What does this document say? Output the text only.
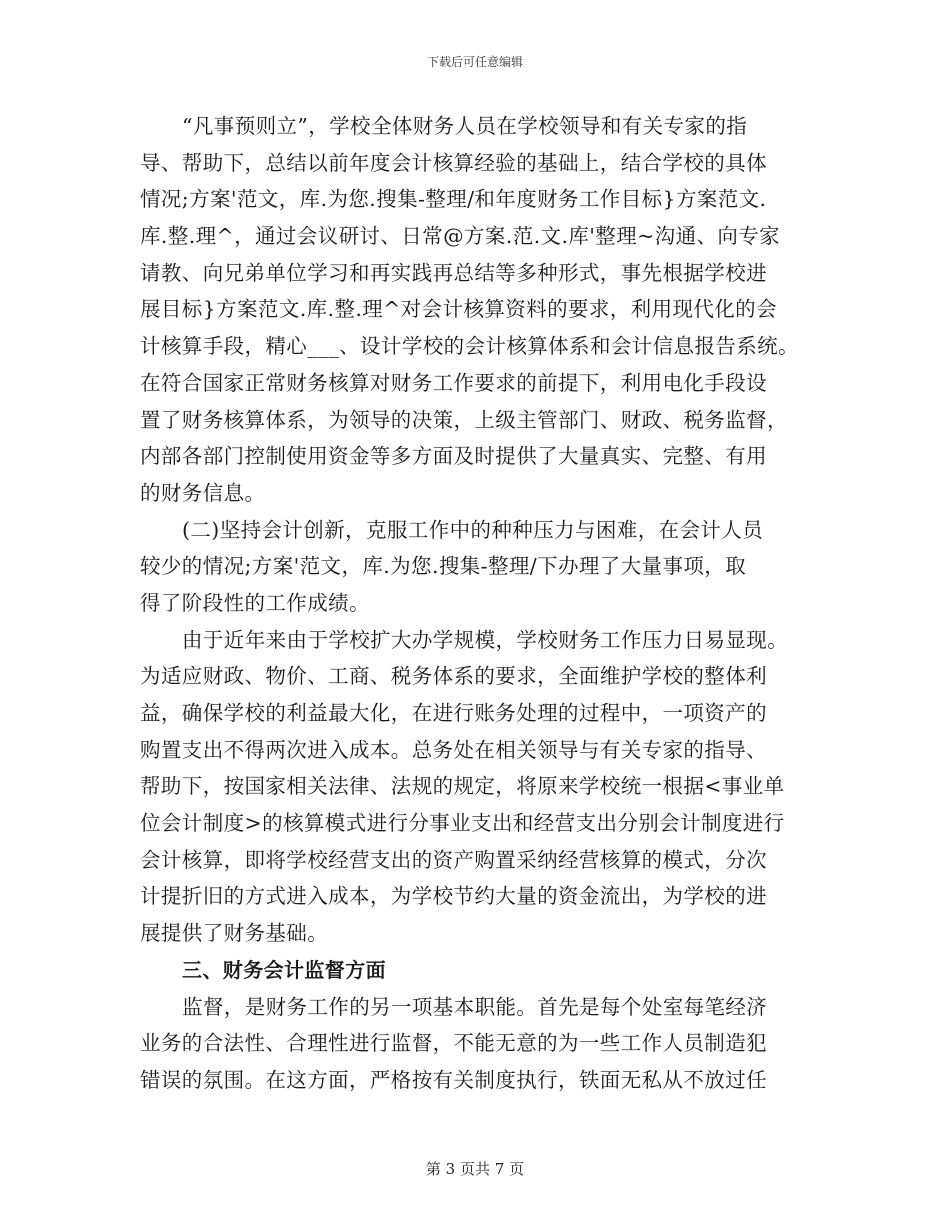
下载后可任意编辑
“凡事预则立”，学校全体财务人员在学校领导和有关专家的指
导、帮助下，总结以前年度会计核算经验的基础上，结合学校的具体
情况;方案'范文，库.为您.搜集-整理/和年度财务工作目标}方案范文.
库.整.理^，通过会议研讨、日常@方案.范.文.库'整理~沟通、向专家
请教、向兄弟单位学习和再实践再总结等多种形式，事先根据学校进
展目标}方案范文.库.整.理^对会计核算资料的要求，利用现代化的会
计核算手段，精心___、设计学校的会计核算体系和会计信息报告系统。
在符合国家正常财务核算对财务工作要求的前提下，利用电化手段设
置了财务核算体系，为领导的决策，上级主管部门、财政、税务监督，
内部各部门控制使用资金等多方面及时提供了大量真实、完整、有用
的财务信息。
(二)坚持会计创新，克服工作中的种种压力与困难，在会计人员
较少的情况;方案'范文，库.为您.搜集-整理/下办理了大量事项，取
得了阶段性的工作成绩。
由于近年来由于学校扩大办学规模，学校财务工作压力日易显现。
为适应财政、物价、工商、税务体系的要求，全面维护学校的整体利
益，确保学校的利益最大化，在进行账务处理的过程中，一项资产的
购置支出不得两次进入成本。总务处在相关领导与有关专家的指导、
帮助下，按国家相关法律、法规的规定，将原来学校统一根据<事业单
位会计制度>的核算模式进行分事业支出和经营支出分别会计制度进行
会计核算，即将学校经营支出的资产购置采纳经营核算的模式，分次
计提折旧的方式进入成本，为学校节约大量的资金流出，为学校的进
展提供了财务基础。
三、财务会计监督方面
监督，是财务工作的另一项基本职能。首先是每个处室每笔经济
业务的合法性、合理性进行监督，不能无意的为一些工作人员制造犯
错误的氛围。在这方面，严格按有关制度执行，铁面无私从不放过任
第 3 页共 7 页
